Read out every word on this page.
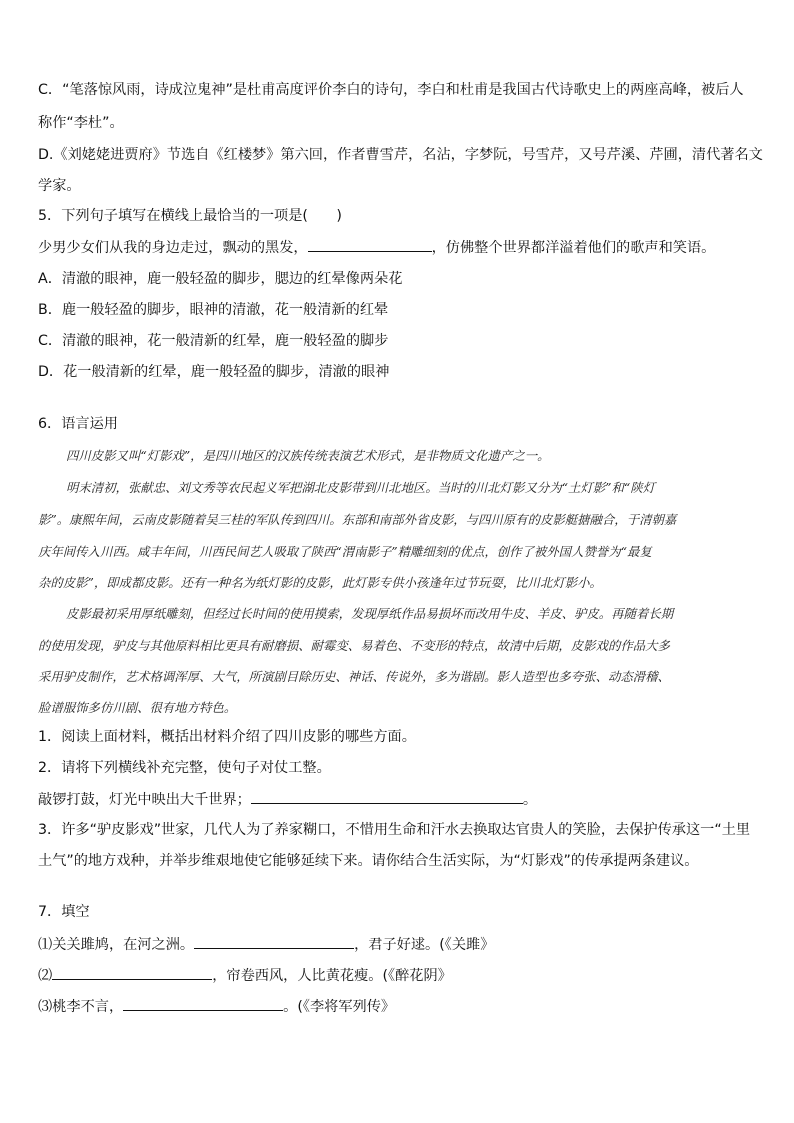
C．“笔落惊风雨，诗成泣鬼神”是杜甫高度评价李白的诗句，李白和杜甫是我国古代诗歌史上的两座高峰，被后人
称作“李杜”。
D.《刘姥姥进贾府》节选自《红楼梦》第六回，作者曹雪芹，名沾，字梦阮，号雪芹，又号芹溪、芹圃，清代著名文
学家。
5．下列句子填写在横线上最恰当的一项是(　　)
少男少女们从我的身边走过，飘动的黑发，	，仿佛整个世界都洋溢着他们的歌声和笑语。
A．清澈的眼神，鹿一般轻盈的脚步，腮边的红晕像两朵花
B．鹿一般轻盈的脚步，眼神的清澈，花一般清新的红晕
C．清澈的眼神，花一般清新的红晕，鹿一般轻盈的脚步
D．花一般清新的红晕，鹿一般轻盈的脚步，清澈的眼神
6．语言运用
四川皮影又叫“灯影戏”，是四川地区的汉族传统表演艺术形式，是非物质文化遗产之一。
明末清初，张献忠、刘文秀等农民起义军把湖北皮影带到川北地区。当时的川北灯影又分为“土灯影”和“陕灯
影”。康熙年间，云南皮影随着吴三桂的军队传到四川。东部和南部外省皮影，与四川原有的皮影艇搪融合，于清朝嘉
庆年间传入川西。咸丰年间，川西民间艺人吸取了陕西“渭南影子”精雕细刻的优点，创作了被外国人赞誉为“最复
杂的皮影”，即成都皮影。还有一种名为纸灯影的皮影，此灯影专供小孩逢年过节玩耍，比川北灯影小。
皮影最初采用厚纸雕刻，但经过长时间的使用摸索，发现厚纸作品易损坏而改用牛皮、羊皮、驴皮。再随着长期
的使用发现，驴皮与其他原料相比更具有耐磨损、耐霉变、易着色、不变形的特点，故清中后期，皮影戏的作品大多
采用驴皮制作，艺术格调浑厚、大气，所演剧目除历史、神话、传说外，多为谐剧。影人造型也多夸张、动态滑稽、
脸谱服饰多仿川剧、很有地方特色。
1．阅读上面材料，概括出材料介绍了四川皮影的哪些方面。
2．请将下列横线补充完整，使句子对仗工整。
敲锣打鼓，灯光中映出大千世界；	。
3．许多“驴皮影戏”世家，几代人为了养家糊口，不惜用生命和汗水去换取达官贵人的笑脸，去保护传承这一“土里
土气”的地方戏种，并举步维艰地使它能够延续下来。请你结合生活实际，为“灯影戏”的传承提两条建议。
7．填空
⑴关关雎鸠，在河之洲。	，君子好逑。(《关雎》
⑵	，帘卷西风，人比黄花瘦。(《醉花阴》
⑶桃李不言，	。(《李将军列传》
